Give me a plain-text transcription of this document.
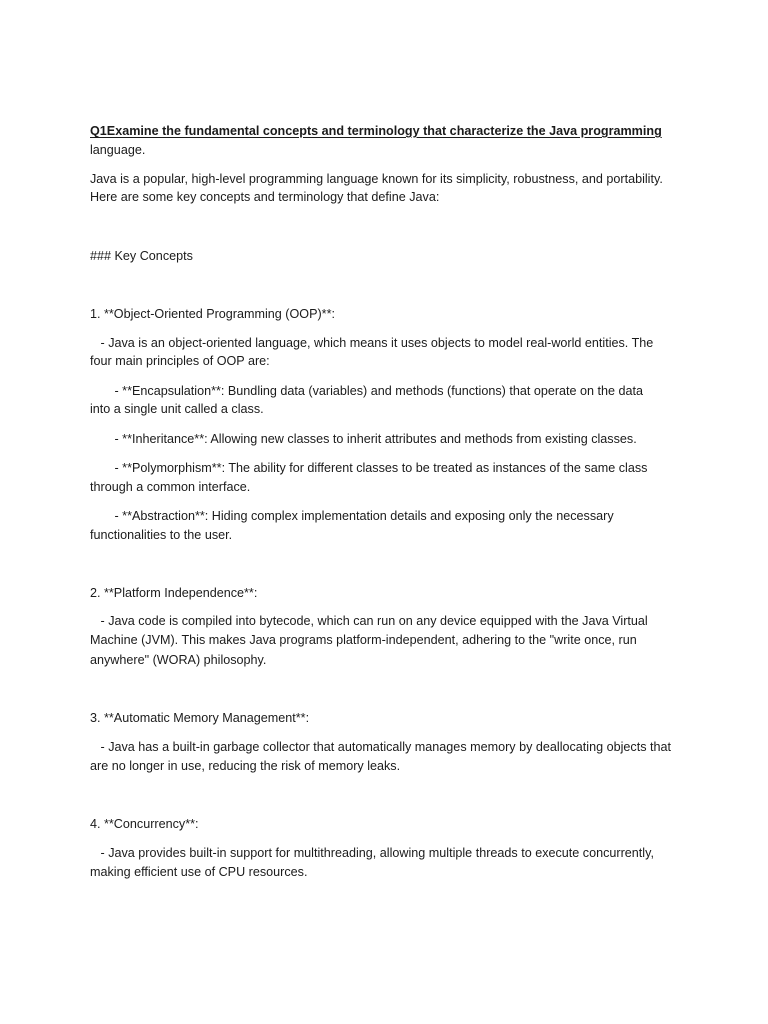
Q1Examine the fundamental concepts and terminology that characterize the Java programming
language.
Java is a popular, high-level programming language known for its simplicity, robustness, and portability.
Here are some key concepts and terminology that define Java:
### Key Concepts
1. **Object-Oriented Programming (OOP)**:
- Java is an object-oriented language, which means it uses objects to model real-world entities. The
four main principles of OOP are:
- **Encapsulation**: Bundling data (variables) and methods (functions) that operate on the data
into a single unit called a class.
- **Inheritance**: Allowing new classes to inherit attributes and methods from existing classes.
- **Polymorphism**: The ability for different classes to be treated as instances of the same class
through a common interface.
- **Abstraction**: Hiding complex implementation details and exposing only the necessary
functionalities to the user.
2. **Platform Independence**:
- Java code is compiled into bytecode, which can run on any device equipped with the Java Virtual
Machine (JVM). This makes Java programs platform-independent, adhering to the "write once, run
anywhere" (WORA) philosophy.
3. **Automatic Memory Management**:
- Java has a built-in garbage collector that automatically manages memory by deallocating objects that
are no longer in use, reducing the risk of memory leaks.
4. **Concurrency**:
- Java provides built-in support for multithreading, allowing multiple threads to execute concurrently,
making efficient use of CPU resources.
